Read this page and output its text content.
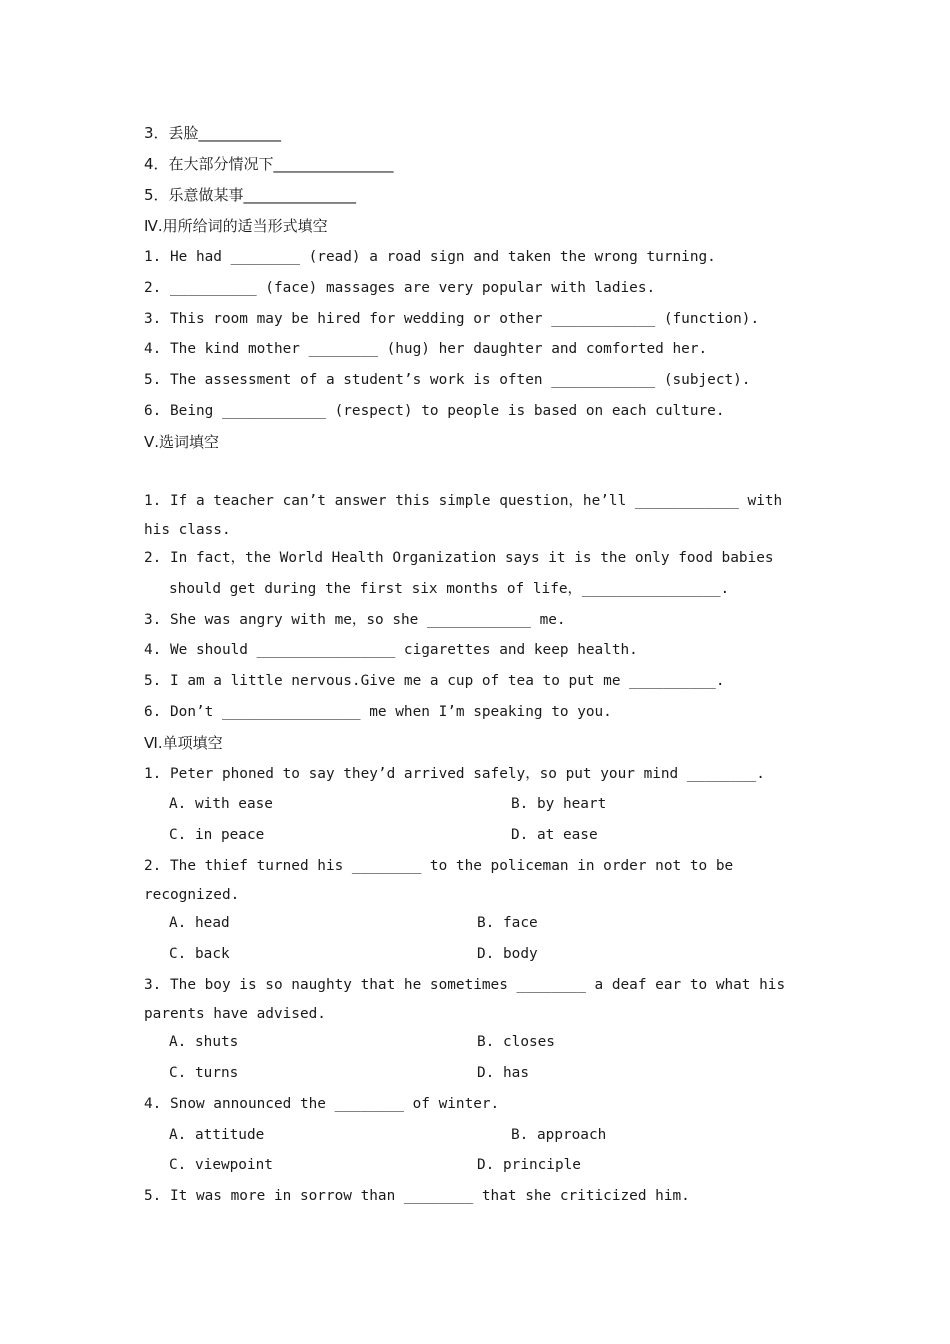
3．丢脸___________
4．在大部分情况下________________
5．乐意做某事_______________
Ⅳ.用所给词的适当形式填空
1. He had ________ (read) a road sign and taken the wrong turning.
2. __________ (face) massages are very popular with ladies.
3. This room may be hired for wedding or other ____________ (function).
4. The kind mother ________ (hug) her daughter and comforted her.
5. The assessment of a student’s work is often ____________ (subject).
6. Being ____________ (respect) to people is based on each culture.
Ⅴ.选词填空
1. If a teacher can’t answer this simple question，he’ll ____________ with
his class.
2. In fact，the World Health Organization says it is the only food babies
should get during the first six months of life，________________.
3. She was angry with me，so she ____________ me.
4. We should ________________ cigarettes and keep health.
5. I am a little nervous.Give me a cup of tea to put me __________.
6. Don’t ________________ me when I’m speaking to you.
Ⅵ.单项填空
1. Peter phoned to say they’d arrived safely，so put your mind ________.
A. with ease	B. by heart
C. in peace	D. at ease
2. The thief turned his ________ to the policeman in order not to be
recognized.
A. head	B. face
C. back	D. body
3. The boy is so naughty that he sometimes ________ a deaf ear to what his
parents have advised.
A. shuts	B. closes
C. turns	D. has
4. Snow announced the ________ of winter.
A. attitude	B. approach
C. viewpoint	D. principle
5. It was more in sorrow than ________ that she criticized him.
